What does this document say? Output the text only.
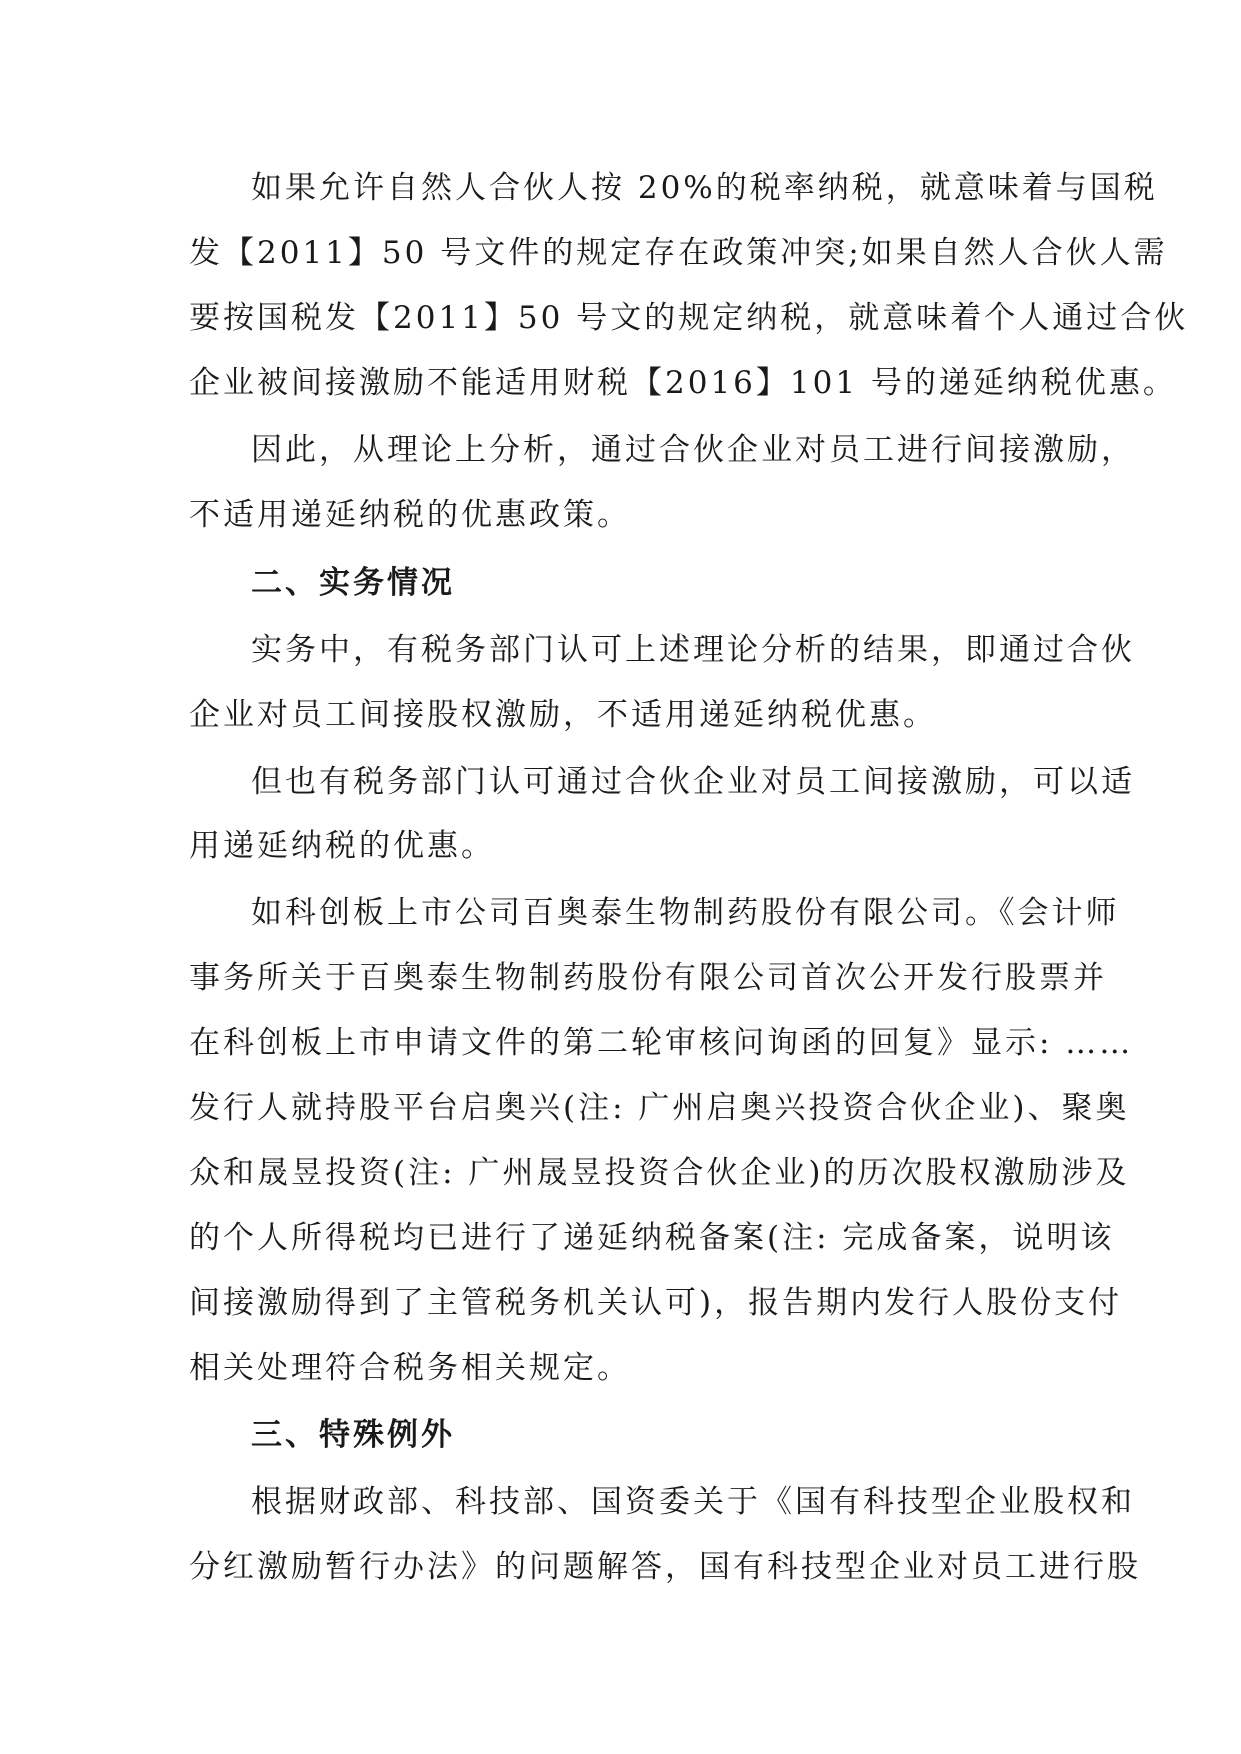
如果允许自然人合伙人按 20%的税率纳税，就意味着与国税
发【2011】50 号文件的规定存在政策冲突;如果自然人合伙人需
要按国税发【2011】50 号文的规定纳税，就意味着个人通过合伙
企业被间接激励不能适用财税【2016】101 号的递延纳税优惠。
因此，从理论上分析，通过合伙企业对员工进行间接激励，
不适用递延纳税的优惠政策。
二、实务情况
实务中，有税务部门认可上述理论分析的结果，即通过合伙
企业对员工间接股权激励，不适用递延纳税优惠。
但也有税务部门认可通过合伙企业对员工间接激励，可以适
用递延纳税的优惠。
如科创板上市公司百奥泰生物制药股份有限公司。《会计师
事务所关于百奥泰生物制药股份有限公司首次公开发行股票并
在科创板上市申请文件的第二轮审核问询函的回复》显示: ……
发行人就持股平台启奥兴(注: 广州启奥兴投资合伙企业)、聚奥
众和晟昱投资(注: 广州晟昱投资合伙企业)的历次股权激励涉及
的个人所得税均已进行了递延纳税备案(注: 完成备案，说明该
间接激励得到了主管税务机关认可)，报告期内发行人股份支付
相关处理符合税务相关规定。
三、特殊例外
根据财政部、科技部、国资委关于《国有科技型企业股权和
分红激励暂行办法》的问题解答，国有科技型企业对员工进行股
